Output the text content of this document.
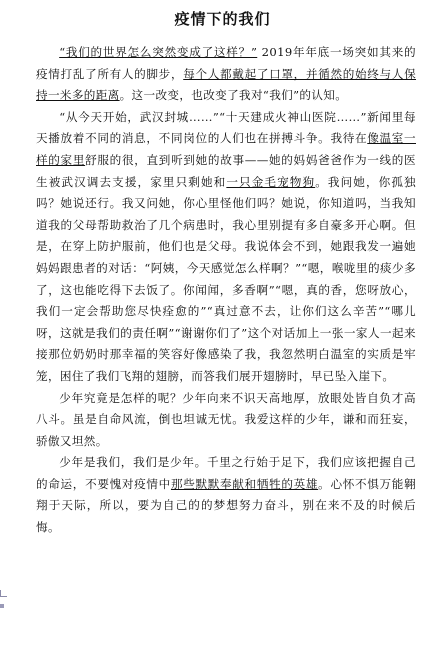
疫情下的我们

“我们的世界怎么突然变成了这样？” 2019年年底一场突如其来的疫情打乱了所有人的脚步，每个人都戴起了口罩，并循然的始终与人保持一米多的距离。这一改变，也改变了我对“我们”的认知。

“从今天开始，武汉封城……”“十天建成火神山医院……”新闻里每天播放着不同的消息，不同岗位的人们也在拼搏斗争。我待在像温室一样的家里舒服的很，直到听到她的故事——她的妈妈爸爸作为一线的医生被武汉调去支援，家里只剩她和一只金毛宠物狗。我问她，你孤独吗？她说还行。我又问她，你心里怪他们吗？她说，你知道吗，当我知道我的父母帮助救治了几个病患时，我心里别提有多自豪多开心啊。但是，在穿上防护服前，他们也是父母。我说体会不到，她跟我发一遍她妈妈跟患者的对话：“阿姨，今天感觉怎么样啊？”“嗯，喉咙里的痰少多了，这也能吃得下去饭了。你闻闻，多香啊”“嗯，真的香，您呀放心，我们一定会帮助您尽快痊愈的”“真过意不去，让你们这么辛苦”“哪儿呀，这就是我们的责任啊”“谢谢你们了”这个对话加上一张一家人一起来接那位奶奶时那幸福的笑容好像感染了我，我忽然明白温室的实质是牢笼，困住了我们飞翔的翅膀，而答我们展开翅膀时，早已坠入崖下。

少年究竟是怎样的呢？少年向来不识天高地厚，放眼处皆自负才高八斗。虽是自命风流，倒也坦诚无忧。我爱这样的少年，谦和而狂妄，骄傲又坦然。

少年是我们，我们是少年。千里之行始于足下，我们应该把握自己的命运，不要愧对疫情中那些默默奉献和牺牲的英雄。心怀不惧万能翱翔于天际，所以，要为自己的的梦想努力奋斗，别在来不及的时候后悔。
